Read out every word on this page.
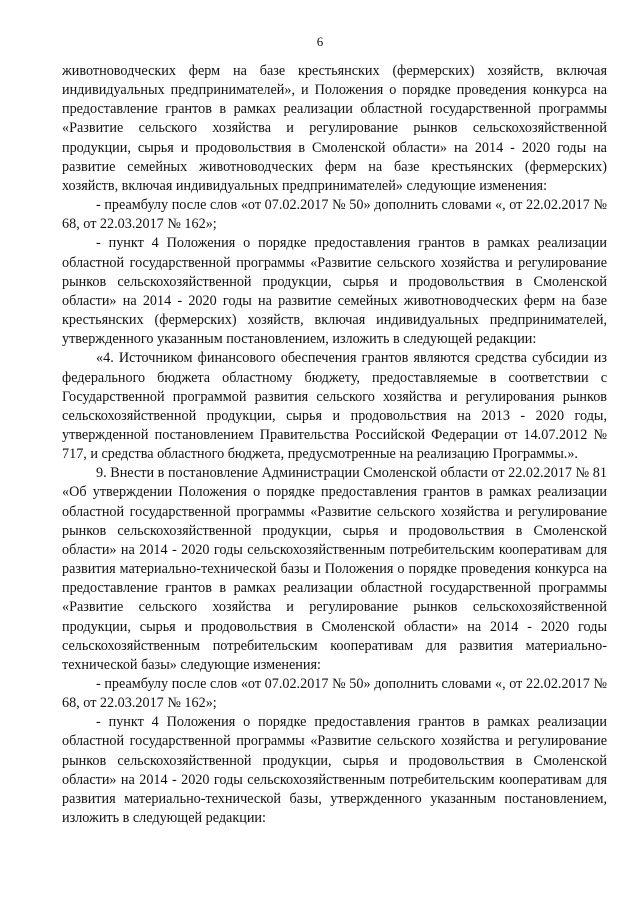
6

животноводческих ферм на базе крестьянских (фермерских) хозяйств, включая индивидуальных предпринимателей», и Положения о порядке проведения конкурса на предоставление грантов в рамках реализации областной государственной программы «Развитие сельского хозяйства и регулирование рынков сельскохозяйственной продукции, сырья и продовольствия в Смоленской области» на 2014 - 2020 годы на развитие семейных животноводческих ферм на базе крестьянских (фермерских) хозяйств, включая индивидуальных предпринимателей» следующие изменения:

- преамбулу после слов «от 07.02.2017 № 50» дополнить словами «, от 22.02.2017 № 68, от 22.03.2017 № 162»;

- пункт 4 Положения о порядке предоставления грантов в рамках реализации областной государственной программы «Развитие сельского хозяйства и регулирование рынков сельскохозяйственной продукции, сырья и продовольствия в Смоленской области» на 2014 - 2020 годы на развитие семейных животноводческих ферм на базе крестьянских (фермерских) хозяйств, включая индивидуальных предпринимателей, утвержденного указанным постановлением, изложить в следующей редакции:

«4. Источником финансового обеспечения грантов являются средства субсидии из федерального бюджета областному бюджету, предоставляемые в соответствии с Государственной программой развития сельского хозяйства и регулирования рынков сельскохозяйственной продукции, сырья и продовольствия на 2013 - 2020 годы, утвержденной постановлением Правительства Российской Федерации от 14.07.2012 № 717, и средства областного бюджета, предусмотренные на реализацию Программы.».

9. Внести в постановление Администрации Смоленской области от 22.02.2017 № 81 «Об утверждении Положения о порядке предоставления грантов в рамках реализации областной государственной программы «Развитие сельского хозяйства и регулирование рынков сельскохозяйственной продукции, сырья и продовольствия в Смоленской области» на 2014 - 2020 годы сельскохозяйственным потребительским кооперативам для развития материально-технической базы и Положения о порядке проведения конкурса на предоставление грантов в рамках реализации областной государственной программы «Развитие сельского хозяйства и регулирование рынков сельскохозяйственной продукции, сырья и продовольствия в Смоленской области» на 2014 - 2020 годы сельскохозяйственным потребительским кооперативам для развития материально-технической базы» следующие изменения:

- преамбулу после слов «от 07.02.2017 № 50» дополнить словами «, от 22.02.2017 № 68, от 22.03.2017 № 162»;

- пункт 4 Положения о порядке предоставления грантов в рамках реализации областной государственной программы «Развитие сельского хозяйства и регулирование рынков сельскохозяйственной продукции, сырья и продовольствия в Смоленской области» на 2014 - 2020 годы сельскохозяйственным потребительским кооперативам для развития материально-технической базы, утвержденного указанным постановлением, изложить в следующей редакции:
